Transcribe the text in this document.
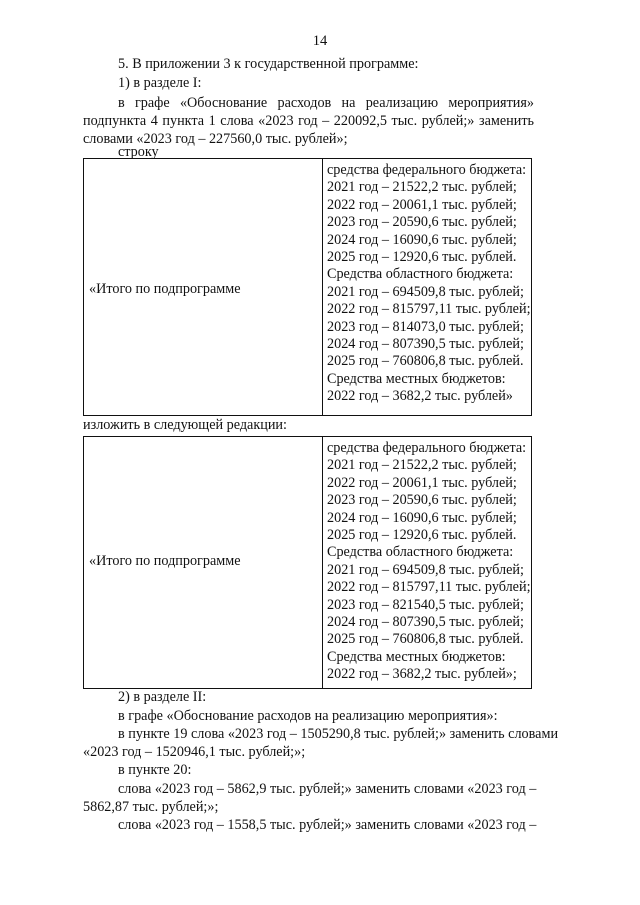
14
5. В приложении 3 к государственной программе:
1) в разделе I:
в графе «Обоснование расходов на реализацию мероприятия»
подпункта 4 пункта 1 слова «2023 год – 220092,5 тыс. рублей;» заменить
словами «2023 год – 227560,0 тыс. рублей»;
строку
«Итого по подпрограмме
средства федерального бюджета:
2021 год – 21522,2 тыс. рублей;
2022 год – 20061,1 тыс. рублей;
2023 год – 20590,6 тыс. рублей;
2024 год – 16090,6 тыс. рублей;
2025 год – 12920,6 тыс. рублей.
Средства областного бюджета:
2021 год – 694509,8 тыс. рублей;
2022 год – 815797,11 тыс. рублей;
2023 год – 814073,0 тыс. рублей;
2024 год – 807390,5 тыс. рублей;
2025 год – 760806,8 тыс. рублей.
Средства местных бюджетов:
2022 год – 3682,2 тыс. рублей»
изложить в следующей редакции:
«Итого по подпрограмме
средства федерального бюджета:
2021 год – 21522,2 тыс. рублей;
2022 год – 20061,1 тыс. рублей;
2023 год – 20590,6 тыс. рублей;
2024 год – 16090,6 тыс. рублей;
2025 год – 12920,6 тыс. рублей.
Средства областного бюджета:
2021 год – 694509,8 тыс. рублей;
2022 год – 815797,11 тыс. рублей;
2023 год – 821540,5 тыс. рублей;
2024 год – 807390,5 тыс. рублей;
2025 год – 760806,8 тыс. рублей.
Средства местных бюджетов:
2022 год – 3682,2 тыс. рублей»;
2) в разделе II:
в графе «Обоснование расходов на реализацию мероприятия»:
в пункте 19 слова «2023 год – 1505290,8 тыс. рублей;» заменить словами
«2023 год – 1520946,1 тыс. рублей;»;
в пункте 20:
слова «2023 год – 5862,9 тыс. рублей;» заменить словами «2023 год –
5862,87 тыс. рублей;»;
слова «2023 год – 1558,5 тыс. рублей;» заменить словами «2023 год –
